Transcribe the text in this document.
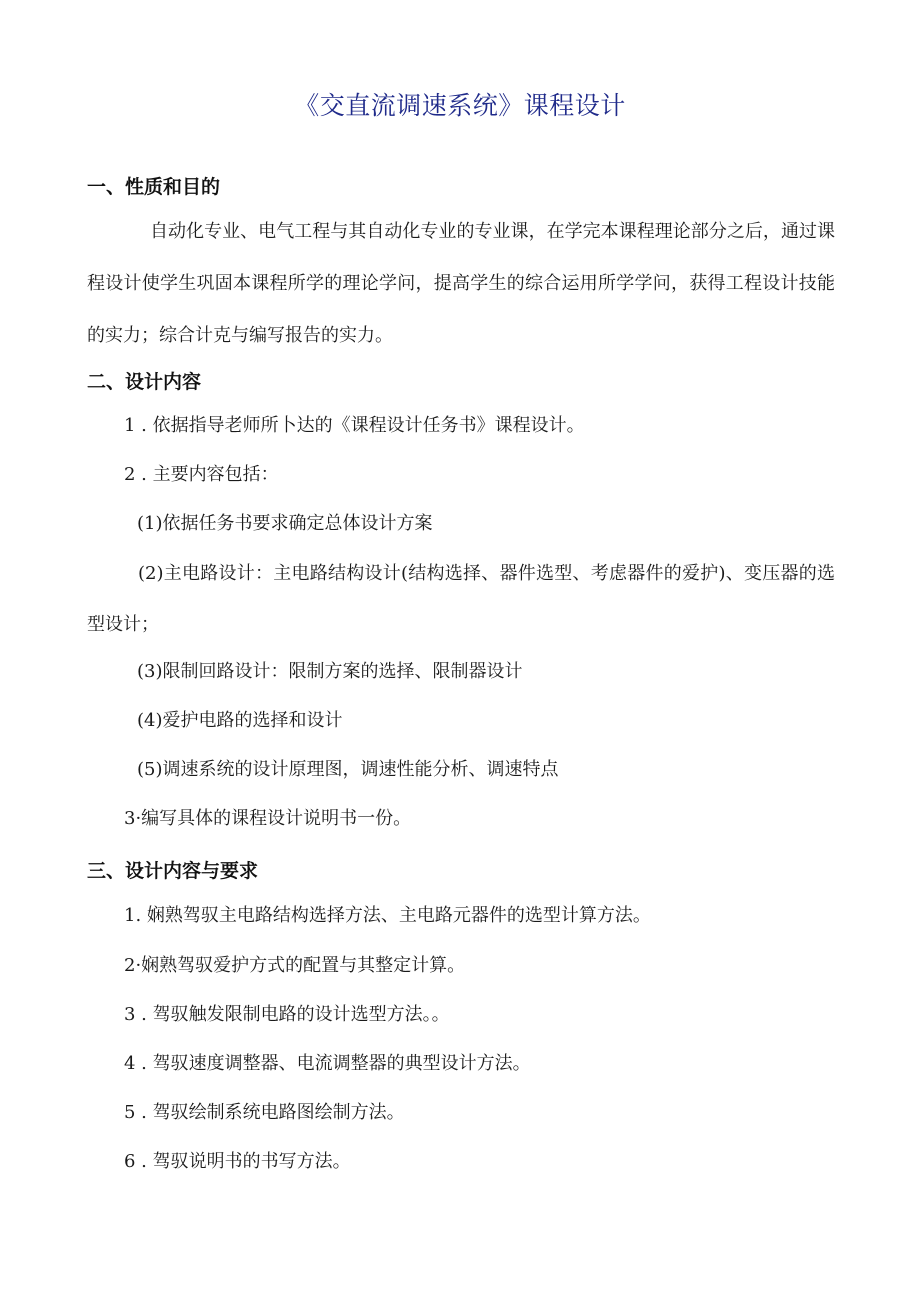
《交直流调速系统》课程设计
一、性质和目的

自动化专业、电气工程与其自动化专业的专业课，在学完本课程理论部分之后，通过课程设计使学生巩固本课程所学的理论学问，提高学生的综合运用所学学问，获得工程设计技能的实力；综合计克与编写报告的实力。

二、设计内容
1 . 依据指导老师所卜达的《课程设计任务书》课程设计。
2 . 主要内容包括：
(1)依据任务书要求确定总体设计方案

(2)主电路设计：主电路结构设计(结构选择、器件选型、考虑器件的爱护)、变压器的选型设计；

(3)限制回路设计：限制方案的选择、限制器设计
(4)爱护电路的选择和设计
(5)调速系统的设计原理图，调速性能分析、调速特点
3·编写具体的课程设计说明书一份。
三、设计内容与要求
1. 娴熟驾驭主电路结构选择方法、主电路元器件的选型计算方法。
2·娴熟驾驭爱护方式的配置与其整定计算。
3 . 驾驭触发限制电路的设计选型方法。。
4 . 驾驭速度调整器、电流调整器的典型设计方法。
5 . 驾驭绘制系统电路图绘制方法。
6 . 驾驭说明书的书写方法。
